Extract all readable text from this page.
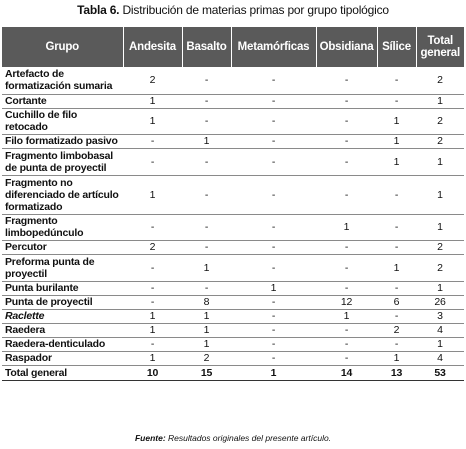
Tabla 6. Distribución de materias primas por grupo tipológico
Grupo	Andesita	Basalto	Metamórficas	Obsidiana	Sílice	Total general
Artefacto de formatización sumaria	2	-	-	-	-	2
Cortante	1	-	-	-	-	1
Cuchillo de filo retocado	1	-	-	-	1	2
Filo formatizado pasivo	-	1	-	-	1	2
Fragmento limbobasal de punta de proyectil	-	-	-	-	1	1
Fragmento no diferenciado de artículo formatizado	1	-	-	-	-	1
Fragmento limbopedúnculo	-	-	-	1	-	1
Percutor	2	-	-	-	-	2
Preforma punta de proyectil	-	1	-	-	1	2
Punta burilante	-	-	1	-	-	1
Punta de proyectil	-	8	-	12	6	26
Raclette	1	1	-	1	-	3
Raedera	1	1	-	-	2	4
Raedera-denticulado	-	1	-	-	-	1
Raspador	1	2	-	-	1	4
Total general	10	15	1	14	13	53
Fuente: Resultados originales del presente artículo.
